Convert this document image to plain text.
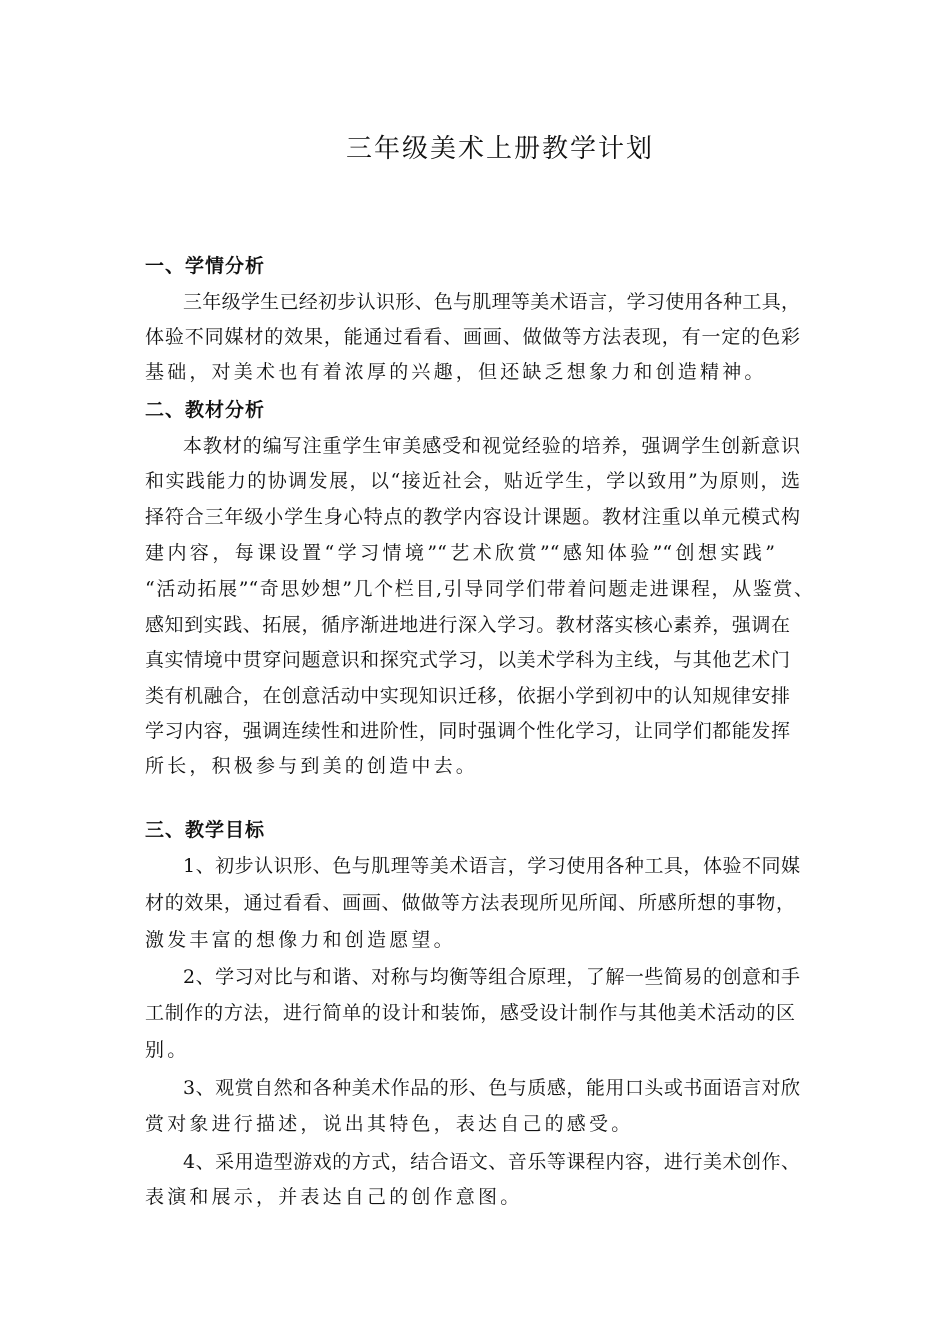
三年级美术上册教学计划
一、学情分析
三年级学生已经初步认识形、色与肌理等美术语言，学习使用各种工具，
体验不同媒材的效果，能通过看看、画画、做做等方法表现，有一定的色彩
基础，对美术也有着浓厚的兴趣，但还缺乏想象力和创造精神。
二、教材分析
本教材的编写注重学生审美感受和视觉经验的培养，强调学生创新意识
和实践能力的协调发展，以“接近社会，贴近学生，学以致用”为原则，选
择符合三年级小学生身心特点的教学内容设计课题。教材注重以单元模式构
建内容，每课设置“学习情境”“艺术欣赏”“感知体验”“创想实践”
“活动拓展”“奇思妙想”几个栏目,引导同学们带着问题走进课程，从鉴赏、
感知到实践、拓展，循序渐进地进行深入学习。教材落实核心素养，强调在
真实情境中贯穿问题意识和探究式学习，以美术学科为主线，与其他艺术门
类有机融合，在创意活动中实现知识迁移，依据小学到初中的认知规律安排
学习内容，强调连续性和进阶性，同时强调个性化学习，让同学们都能发挥
所长，积极参与到美的创造中去。
三、教学目标
1、初步认识形、色与肌理等美术语言，学习使用各种工具，体验不同媒
材的效果，通过看看、画画、做做等方法表现所见所闻、所感所想的事物，
激发丰富的想像力和创造愿望。
2、学习对比与和谐、对称与均衡等组合原理，了解一些简易的创意和手
工制作的方法，进行简单的设计和装饰，感受设计制作与其他美术活动的区
别。
3、观赏自然和各种美术作品的形、色与质感，能用口头或书面语言对欣
赏对象进行描述，说出其特色，表达自己的感受。
4、采用造型游戏的方式，结合语文、音乐等课程内容，进行美术创作、
表演和展示，并表达自己的创作意图。
